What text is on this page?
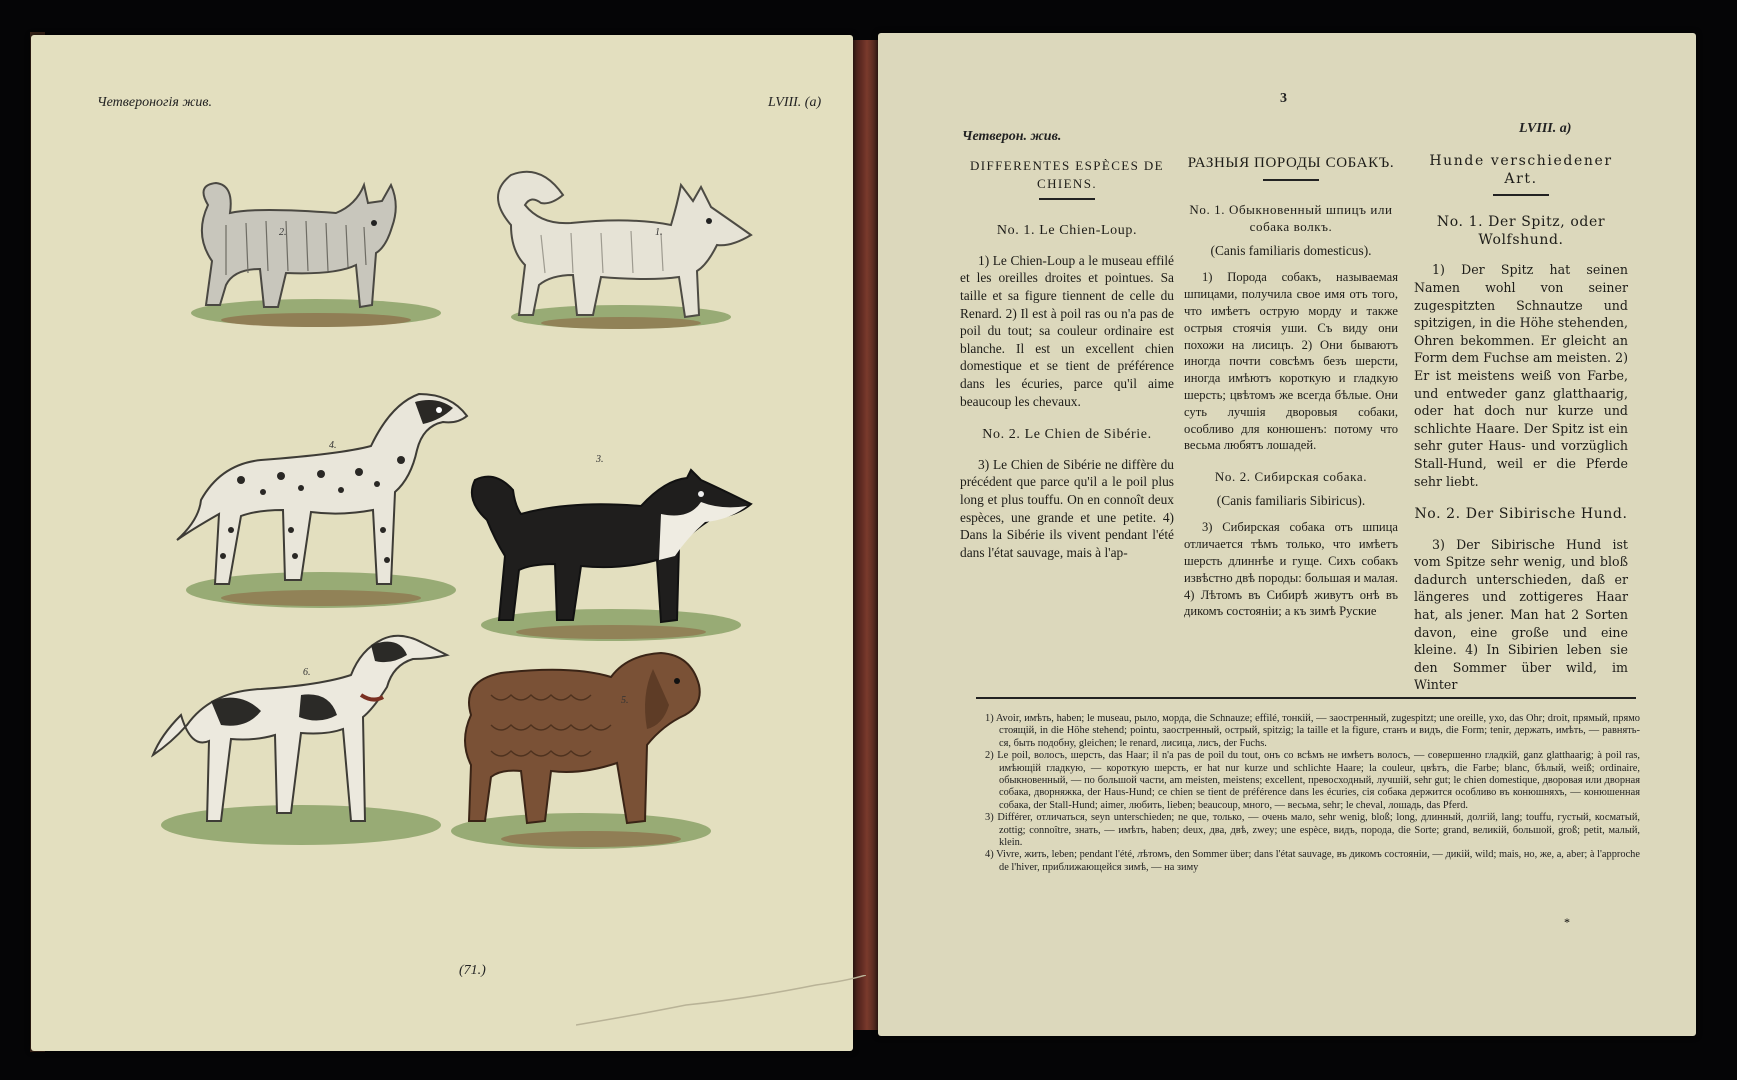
Четвероногія жив.	LVIII. (a)
2.	1.
4.
3.
6.
5.
(71.)
3
Четверон. жив.
LVIII. a)
DIFFERENTES ESPÈCES DE CHIENS.
No. 1. Le Chien-Loup.

1) Le Chien-Loup a le museau effilé et les oreilles droites et pointues. Sa taille et sa figure tiennent de celle du Renard. 2) Il est à poil ras ou n'a pas de poil du tout; sa couleur ordinaire est blanche. Il est un excellent chien domestique et se tient de préférence dans les écuries, parce qu'il aime beaucoup les chevaux.

No. 2. Le Chien de Sibérie.

3) Le Chien de Sibérie ne diffère du précédent que parce qu'il a le poil plus long et plus touffu. On en connoît deux espèces, une grande et une petite. 4) Dans la Sibérie ils vivent pendant l'été dans l'état sauvage, mais à l'ap-

РАЗНЫЯ ПОРОДЫ СОБАКЪ.
No. 1. Обыкновенный шпицъ или собака волкъ.
(Canis familiaris domesticus).

1) Порода собакъ, называемая шпицами, получила свое имя отъ того, что имѣетъ острую морду и также острыя стоячія уши. Съ виду они похожи на лисицъ. 2) Они бываютъ иногда почти совсѣмъ безъ шерсти, иногда имѣютъ короткую и гладкую шерсть; цвѣтомъ же всегда бѣлые. Они суть лучшія дворовыя собаки, особливо для конюшенъ: потому что весьма любятъ лошадей.

No. 2. Сибирская собака.
(Canis familiaris Sibiricus).

3) Сибирская собака отъ шпица отличается тѣмъ только, что имѣетъ шерсть длиннѣе и гуще. Сихъ собакъ извѣстно двѣ породы: большая и малая. 4) Лѣтомъ въ Сибирѣ живутъ онѣ въ дикомъ состояніи; а къ зимѣ Руские

Hunde verschiedener Art.
No. 1. Der Spitz, oder Wolfshund.

1) Der Spitz hat seinen Namen wohl von seiner zugespitzten Schnautze und spitzigen, in die Höhe stehenden, Ohren bekommen. Er gleicht an Form dem Fuchse am meisten. 2) Er ist meistens weiß von Farbe, und entweder ganz glatthaarig, oder hat doch nur kurze und schlichte Haare. Der Spitz ist ein sehr guter Haus- und vorzüglich Stall-Hund, weil er die Pferde sehr liebt.

No. 2. Der Sibirische Hund.

3) Der Sibirische Hund ist vom Spitze sehr wenig, und bloß dadurch unterschieden, daß er längeres und zottigeres Haar hat, als jener. Man hat 2 Sorten davon, eine große und eine kleine. 4) In Sibirien leben sie den Sommer über wild, im Winter

1) Avoir, имѣть, haben; le museau, рыло, морда, die Schnauze; effilé, тонкій, — заостренный, zugespitzt; une oreille, ухо, das Ohr; droit, прямый, прямо стоящій, in die Höhe stehend; pointu, заостренный, острый, spitzig; la taille et la figure, станъ и видъ, die Form; tenir, держать, имѣть, — равнять-ся, быть подобну, gleichen; le renard, лисица, лисъ, der Fuchs.
2) Le poil, волосъ, шерсть, das Haar; il n'a pas de poil du tout, онъ со всѣмъ не имѣетъ волосъ, — совершенно гладкій, ganz glatthaarig; à poil ras, имѣющій гладкую, — короткую шерсть, er hat nur kurze und schlichte Haare; la couleur, цвѣтъ, die Farbe; blanc, бѣлый, weiß; ordinaire, обыкновенный, — по большой части, am meisten, meistens; excellent, превосходный, лучшій, sehr gut; le chien domestique, дворовая или дворная собака, дворняжка, der Haus-Hund; ce chien se tient de préférence dans les écuries, сія собака держится особливо въ конюшняхъ, — конюшенная собака, der Stall-Hund; aimer, любить, lieben; beaucoup, много, — весьма, sehr; le cheval, лошадь, das Pferd.
3) Différer, отличаться, seyn unterschieden; ne que, только, — очень мало, sehr wenig, bloß; long, длинный, долгій, lang; touffu, густый, косматый, zottig; connoître, знать, — имѣть, haben; deux, два, двѣ, zwey; une espèce, видъ, порода, die Sorte; grand, великій, большой, groß; petit, малый, klein.
4) Vivre, жить, leben; pendant l'été, лѣтомъ, den Sommer über; dans l'état sauvage, въ дикомъ состояніи, — дикій, wild; mais, но, же, а, aber; à l'approche de l'hiver, приближающейся зимѣ, — на зиму
*
